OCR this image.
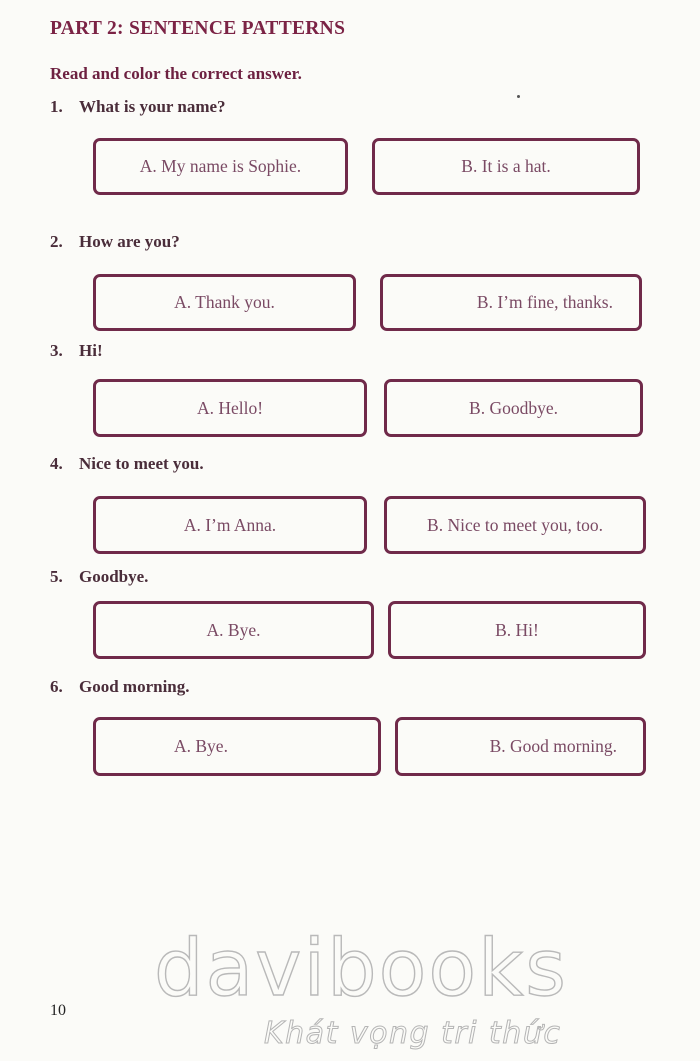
PART 2: SENTENCE PATTERNS
Read and color the correct answer.
1. What is your name?
A. My name is Sophie.	B. It is a hat.
2. How are you?
A. Thank you.	B. I’m fine, thanks.
3. Hi!
A. Hello!	B. Goodbye.
4. Nice to meet you.
A. I’m Anna.	B. Nice to meet you, too.
5. Goodbye.
A. Bye.	B. Hi!
6. Good morning.
A. Bye.	B. Good morning.
10 davibooks
Khát vọng tri thức
